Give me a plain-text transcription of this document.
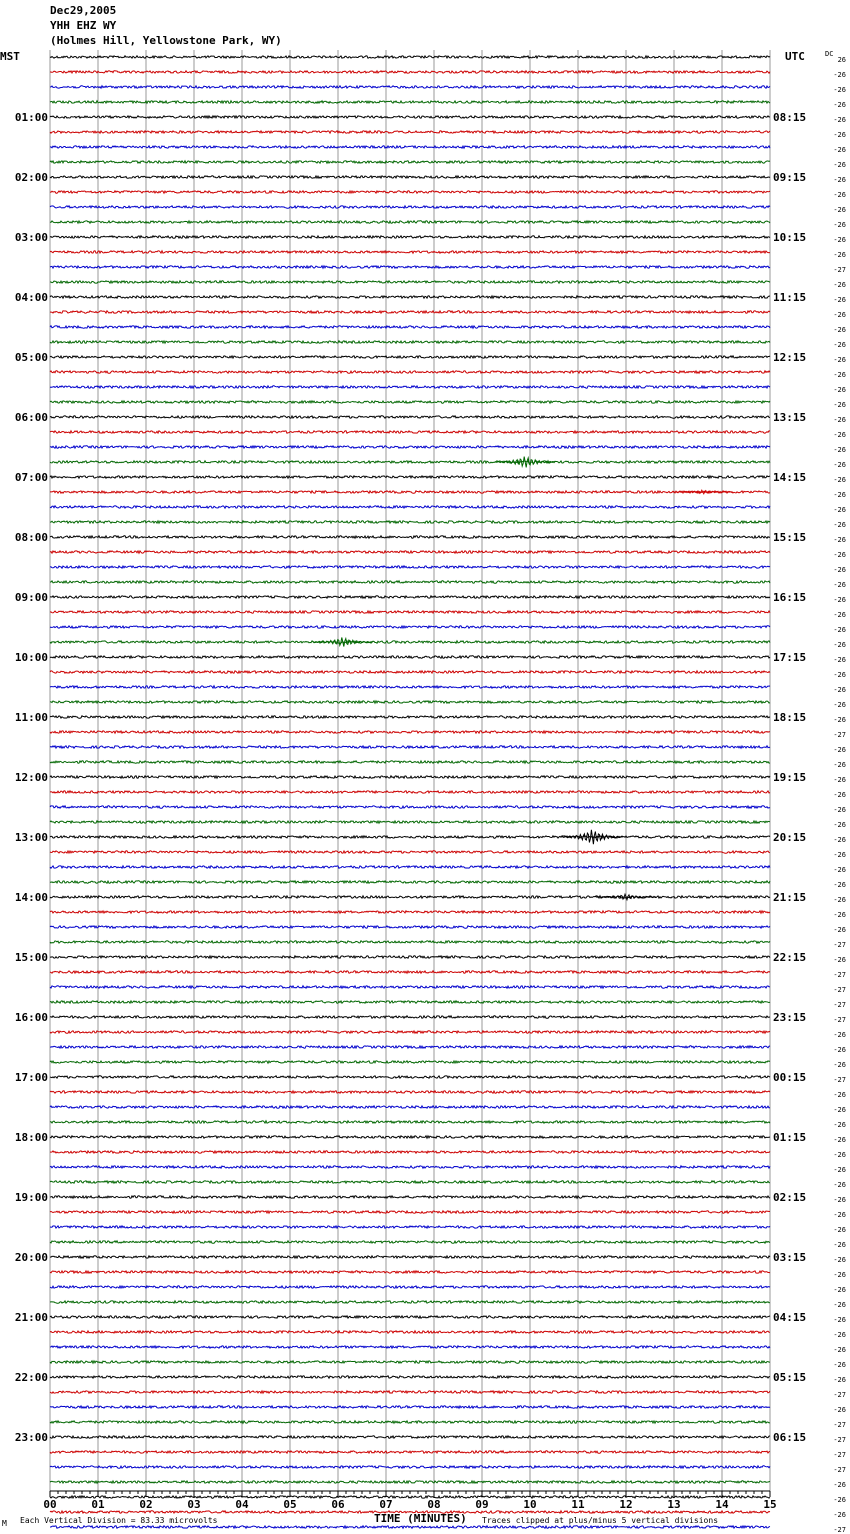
Dec29,2005
YHH EHZ WY
(Holmes Hill, Yellowstone Park, WY)
MST	UTC
01:00
02:00
03:00
04:00
05:00
06:00
07:00
08:00
09:00
10:00
11:00
12:00
13:00
14:00
15:00
16:00
17:00
18:00
19:00
20:00
21:00
22:00
23:00
08:15
09:15
10:15
11:15
12:15
13:15
14:15
15:15
16:15
17:15
18:15
19:15
20:15
21:15
22:15
23:15
00:15
01:15
02:15
03:15
04:15
05:15
06:15
DC
26
-26
-26
-26
-26
-26
-26
-26
-26
-26
-26
-26
-26
-26
-27
-26
-26
-26
-26
-26
-26
-26
-26
-26
-26
-26
-26
-26
-26
-26
-26
-26
-26
-26
-26
-26
-26
-26
-26
-26
-26
-26
-26
-26
-26
-27
-26
-26
-26
-26
-26
-26
-26
-26
-26
-26
-26
-26
-26
-27
-26
-27
-27
-27
-27
-26
-26
-26
-27
-26
-26
-26
-26
-26
-26
-26
-26
-26
-26
-26
-26
-26
-26
-26
-26
-26
-26
-26
-26
-27
-26
-27
-27
-27
-27
-26
-26
-26
-27
00	01	02	03	04	05	06	07	08	09	10	11	12	13	14	15
M Each Vertical Division = 83.33 microvolts	TIME (MINUTES) Traces clipped at plus/minus 5 vertical divisions
